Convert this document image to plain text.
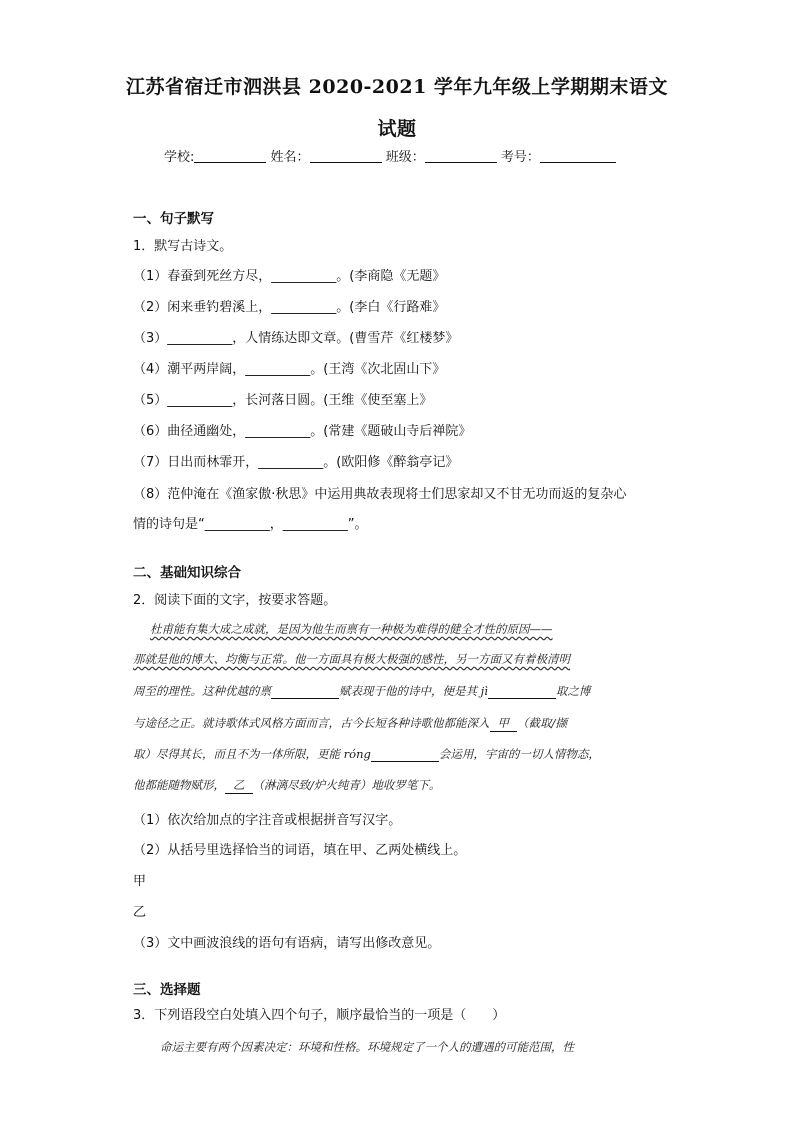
江苏省宿迁市泗洪县 2020-2021 学年九年级上学期期末语文
试题
学校:	姓名：	班级：	考号：
一、句子默写
1．默写古诗文。
（1）春蚕到死丝方尽，__________。(李商隐《无题》
（2）闲来垂钓碧溪上，__________。(李白《行路难》
（3）__________，人情练达即文章。(曹雪芹《红楼梦》
（4）潮平两岸阔，__________。(王湾《次北固山下》
（5）__________，长河落日圆。(王维《使至塞上》
（6）曲径通幽处，__________。(常建《题破山寺后禅院》
（7）日出而林霏开，__________。(欧阳修《醉翁亭记》
（8）范仲淹在《渔家傲·秋思》中运用典故表现将士们思家却又不甘无功而返的复杂心
情的诗句是“__________，__________”。
二、基础知识综合
2．阅读下面的文字，按要求答题。
杜甫能有集大成之成就，是因为他生而禀有一种极为难得的健全才性的原因——
那就是他的博大、均衡与正常。他一方面具有极大极强的感性，另一方面又有着极清明
周至的理性。这种优越的禀	赋表现于他的诗中，便是其 jì	取之博
与途径之正。就诗歌体式风格方面而言，古今长短各种诗歌他都能深入 甲 （截取/撷
取）尽得其长，而且不为一体所限，更能 róng	会运用，宇宙的一切人情物态，
他都能随物赋形， 乙 （淋漓尽致/炉火纯青）地收罗笔下。
（1）依次给加点的字注音或根据拼音写汉字。
（2）从括号里选择恰当的词语，填在甲、乙两处横线上。
甲
乙
（3）文中画波浪线的语句有语病，请写出修改意见。
三、选择题
3．下列语段空白处填入四个句子，顺序最恰当的一项是（　　）
命运主要有两个因素决定：环境和性格。环境规定了一个人的遭遇的可能范围，性
